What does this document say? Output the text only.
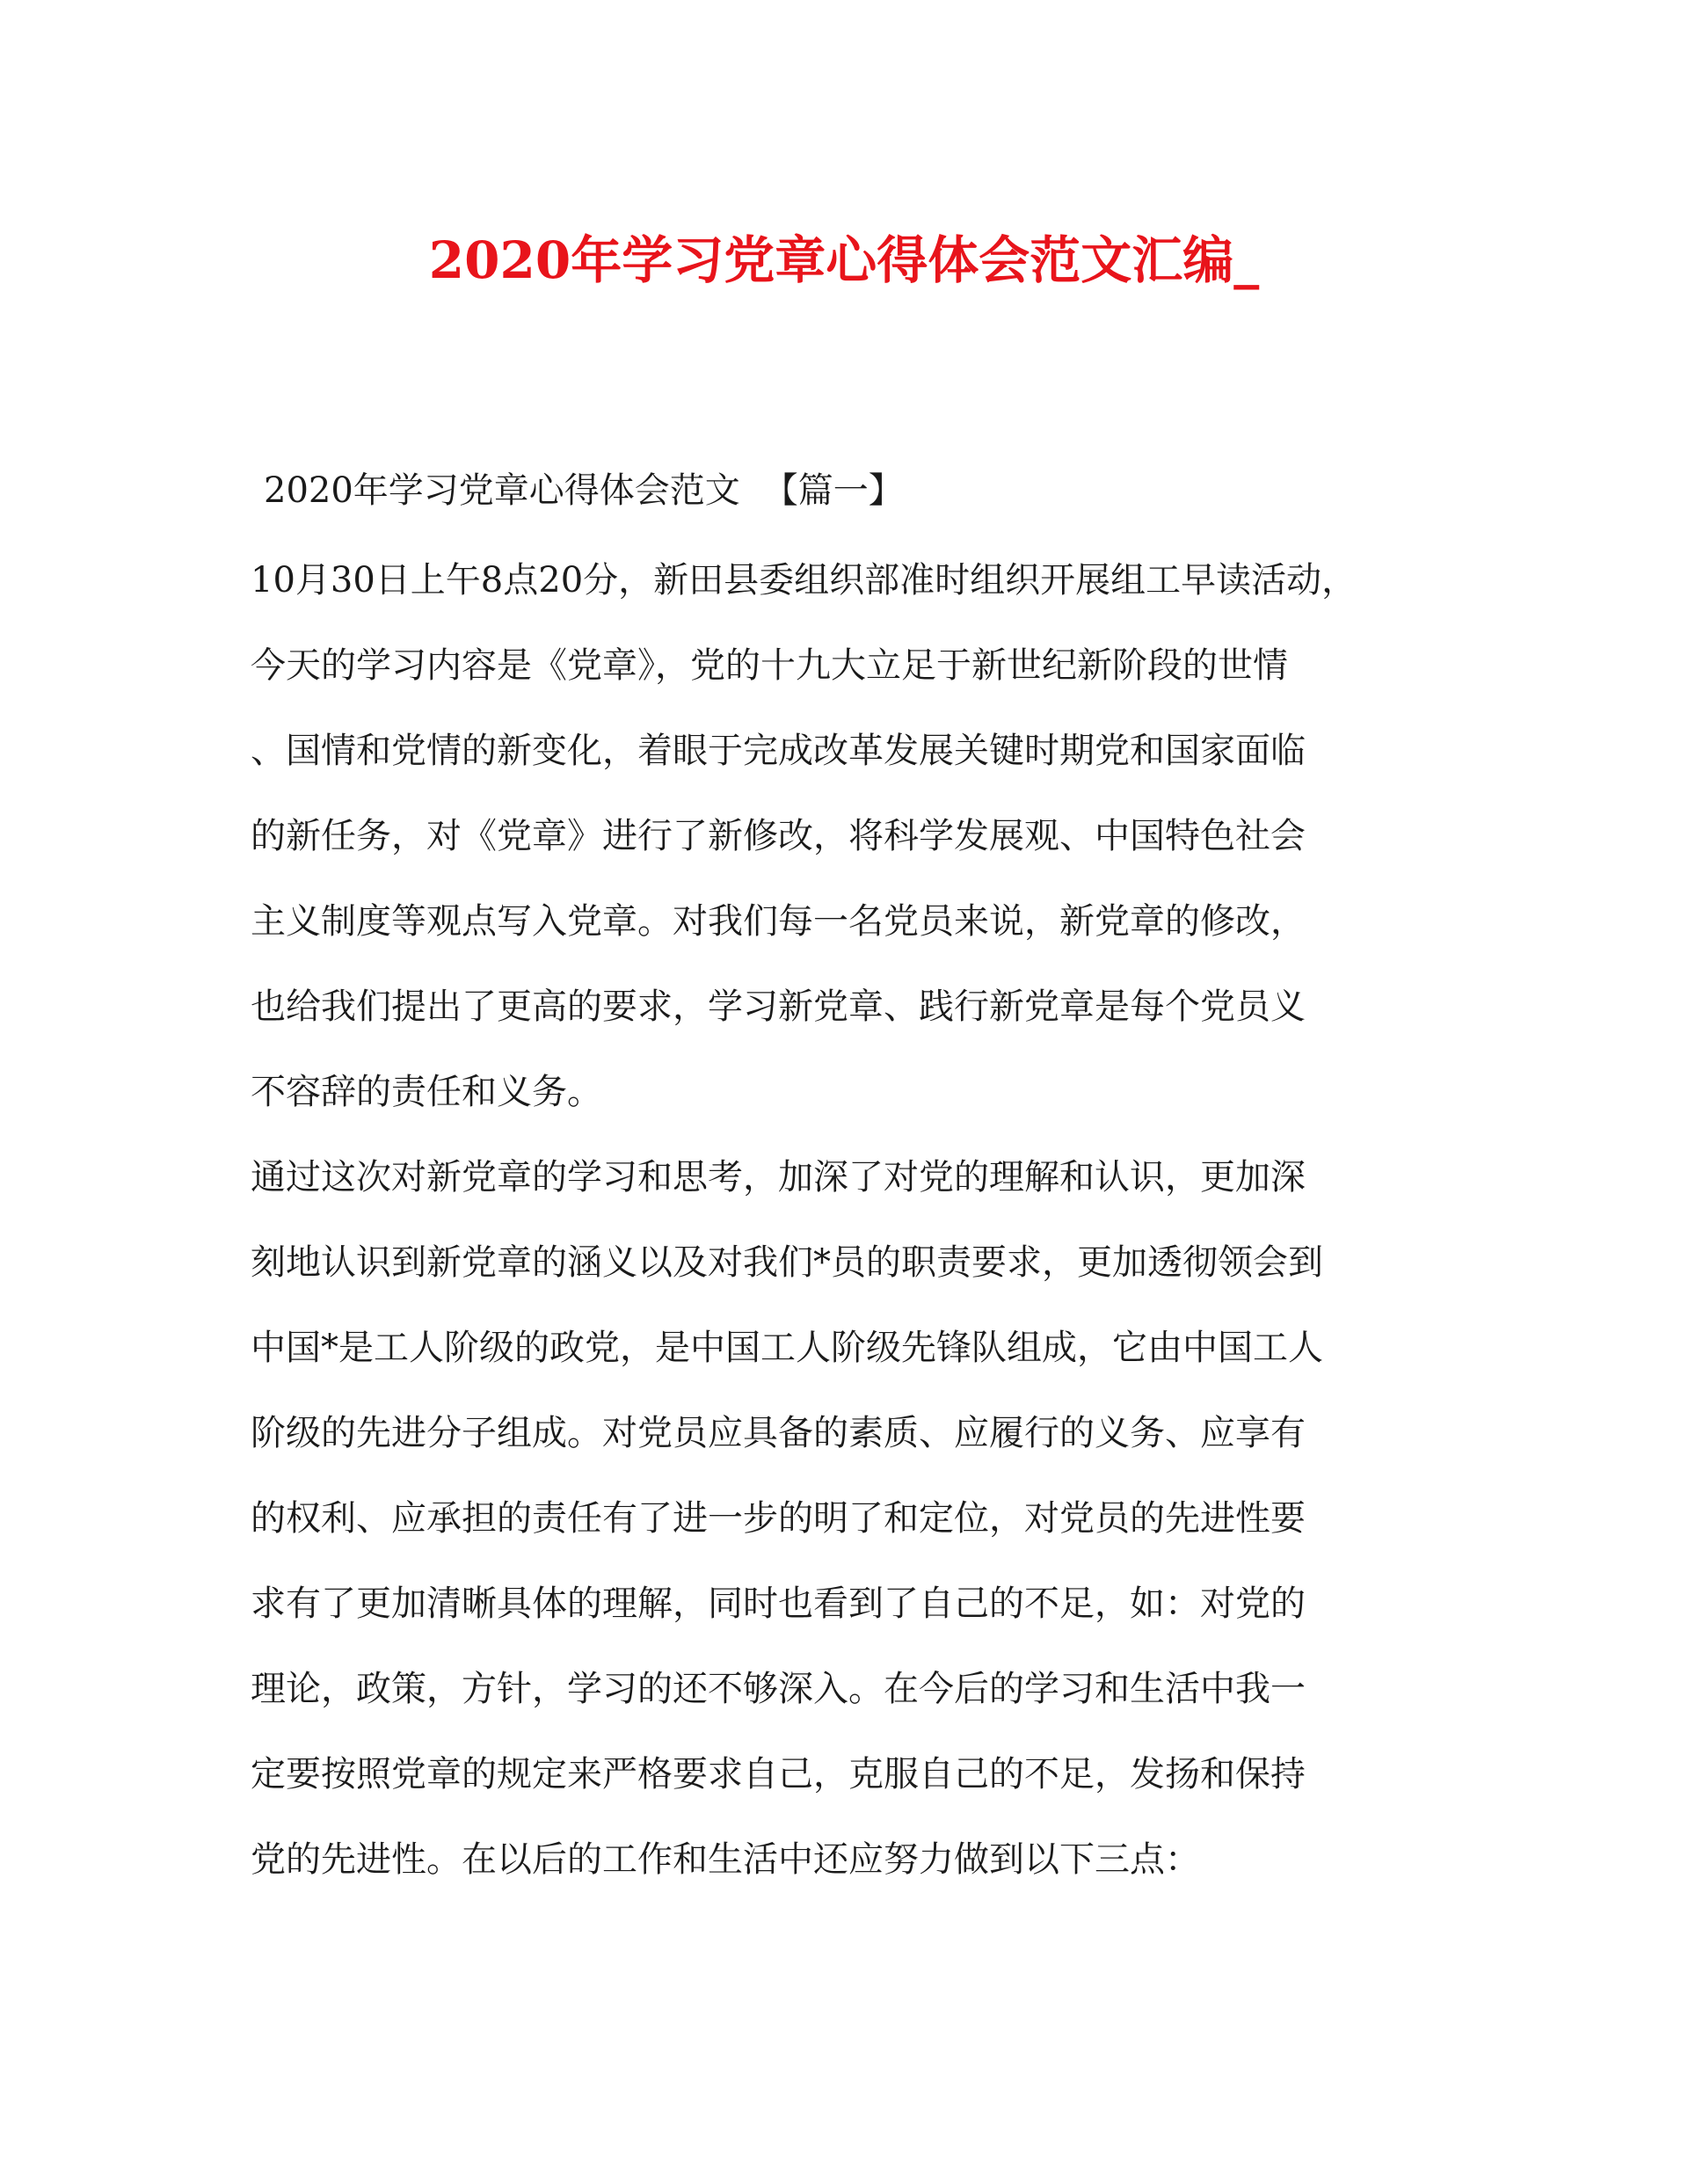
2020年学习党章心得体会范文汇编_

2020年学习党章心得体会范文 【篇一】

10月30日上午8点20分，新田县委组织部准时组织开展组工早读活动，
今天的学习内容是《党章》，党的十九大立足于新世纪新阶段的世情
、国情和党情的新变化，着眼于完成改革发展关键时期党和国家面临
的新任务，对《党章》进行了新修改，将科学发展观、中国特色社会
主义制度等观点写入党章。对我们每一名党员来说，新党章的修改，
也给我们提出了更高的要求，学习新党章、践行新党章是每个党员义
不容辞的责任和义务。
通过这次对新党章的学习和思考，加深了对党的理解和认识，更加深
刻地认识到新党章的涵义以及对我们*员的职责要求，更加透彻领会到
中国*是工人阶级的政党，是中国工人阶级先锋队组成，它由中国工人
阶级的先进分子组成。对党员应具备的素质、应履行的义务、应享有
的权利、应承担的责任有了进一步的明了和定位，对党员的先进性要
求有了更加清晰具体的理解，同时也看到了自己的不足，如：对党的
理论，政策，方针，学习的还不够深入。在今后的学习和生活中我一
定要按照党章的规定来严格要求自己，克服自己的不足，发扬和保持
党的先进性。在以后的工作和生活中还应努力做到以下三点：
